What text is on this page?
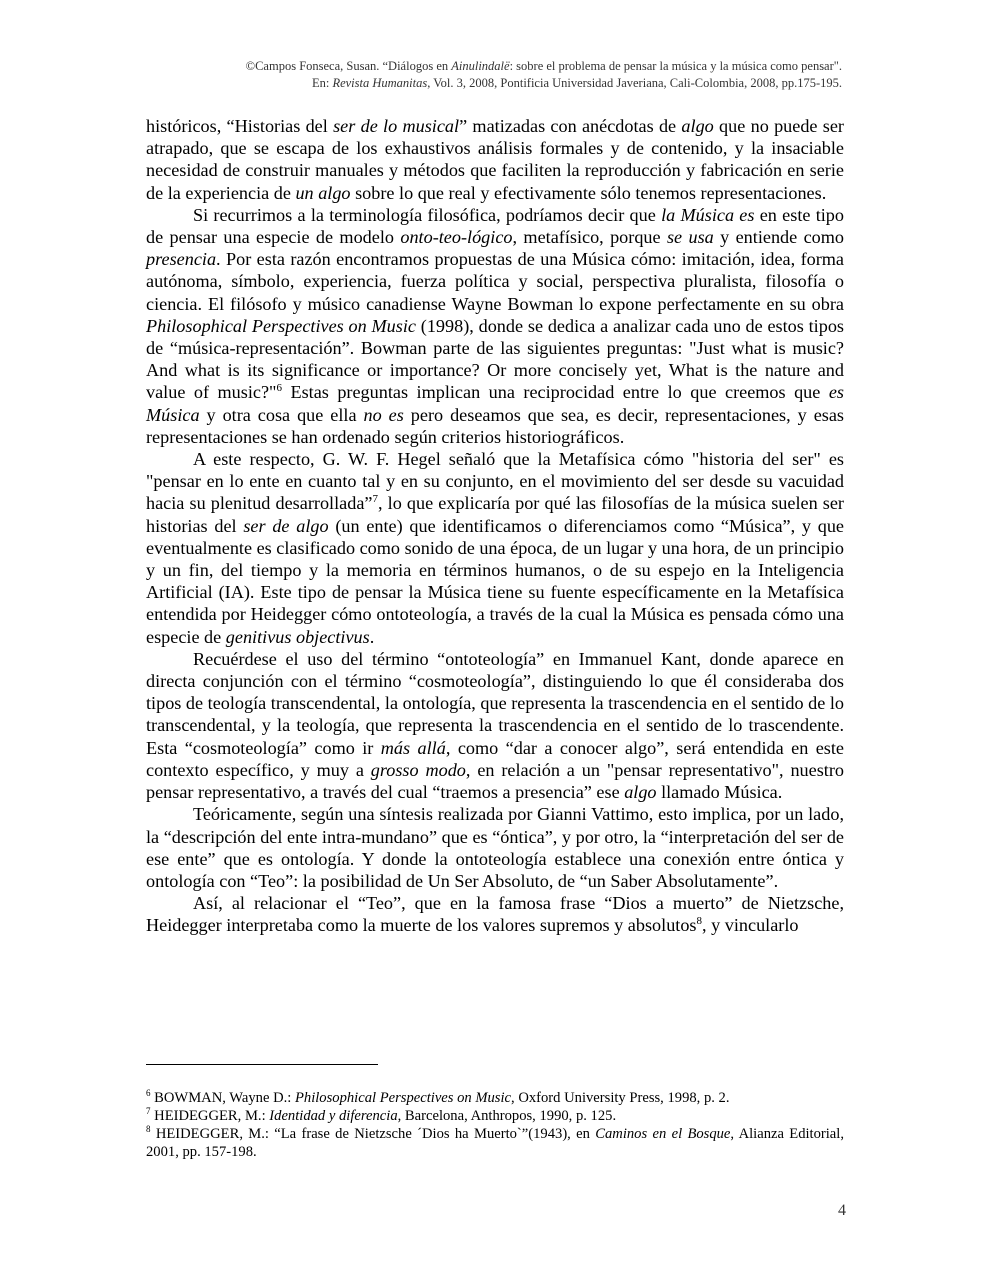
©Campos Fonseca, Susan. “Diálogos en Ainulindalë: sobre el problema de pensar la música y la música como pensar".
En: Revista Humanitas, Vol. 3, 2008, Pontificia Universidad Javeriana, Cali-Colombia, 2008, pp.175-195.

históricos, “Historias del ser de lo musical” matizadas con anécdotas de algo que no puede ser atrapado, que se escapa de los exhaustivos análisis formales y de contenido, y la insaciable necesidad de construir manuales y métodos que faciliten la reproducción y fabricación en serie de la experiencia de un algo sobre lo que real y efectivamente sólo tenemos representaciones.

Si recurrimos a la terminología filosófica, podríamos decir que la Música es en este tipo de pensar una especie de modelo onto-teo-lógico, metafísico, porque se usa y entiende como presencia. Por esta razón encontramos propuestas de una Música cómo: imitación, idea, forma autónoma, símbolo, experiencia, fuerza política y social, perspectiva pluralista, filosofía o ciencia. El filósofo y músico canadiense Wayne Bowman lo expone perfectamente en su obra Philosophical Perspectives on Music (1998), donde se dedica a analizar cada uno de estos tipos de “música-representación”. Bowman parte de las siguientes preguntas: "Just what is music? And what is its significance or importance? Or more concisely yet, What is the nature and value of music?"$^6$ Estas preguntas implican una reciprocidad entre lo que creemos que es Música y otra cosa que ella no es pero deseamos que sea, es decir, representaciones, y esas representaciones se han ordenado según criterios historiográficos.

A este respecto, G. W. F. Hegel señaló que la Metafísica cómo "historia del ser" es "pensar en lo ente en cuanto tal y en su conjunto, en el movimiento del ser desde su vacuidad hacia su plenitud desarrollada”$^7$, lo que explicaría por qué las filosofías de la música suelen ser historias del ser de algo (un ente) que identificamos o diferenciamos como “Música”, y que eventualmente es clasificado como sonido de una época, de un lugar y una hora, de un principio y un fin, del tiempo y la memoria en términos humanos, o de su espejo en la Inteligencia Artificial (IA). Este tipo de pensar la Música tiene su fuente específicamente en la Metafísica entendida por Heidegger cómo ontoteología, a través de la cual la Música es pensada cómo una especie de genitivus objectivus.

Recuérdese el uso del término “ontoteología” en Immanuel Kant, donde aparece en directa conjunción con el término “cosmoteología”, distinguiendo lo que él consideraba dos tipos de teología transcendental, la ontología, que representa la trascendencia en el sentido de lo transcendental, y la teología, que representa la trascendencia en el sentido de lo trascendente. Esta “cosmoteología” como ir más allá, como “dar a conocer algo”, será entendida en este contexto específico, y muy a grosso modo, en relación a un "pensar representativo", nuestro pensar representativo, a través del cual “traemos a presencia” ese algo llamado Música.

Teóricamente, según una síntesis realizada por Gianni Vattimo, esto implica, por un lado, la “descripción del ente intra-mundano” que es “óntica”, y por otro, la “interpretación del ser de ese ente” que es ontología. Y donde la ontoteología establece una conexión entre óntica y ontología con “Teo”: la posibilidad de Un Ser Absoluto, de “un Saber Absolutamente”.

Así, al relacionar el “Teo”, que en la famosa frase “Dios a muerto” de Nietzsche, Heidegger interpretaba como la muerte de los valores supremos y absolutos$^8$, y vincularlo

$^6$ BOWMAN, Wayne D.: Philosophical Perspectives on Music, Oxford University Press, 1998, p. 2.

$^7$ HEIDEGGER, M.: Identidad y diferencia, Barcelona, Anthropos, 1990, p. 125.

$^8$ HEIDEGGER, M.: “La frase de Nietzsche ´Dios ha Muerto`”(1943), en Caminos en el Bosque, Alianza Editorial, 2001, pp. 157-198.

4
